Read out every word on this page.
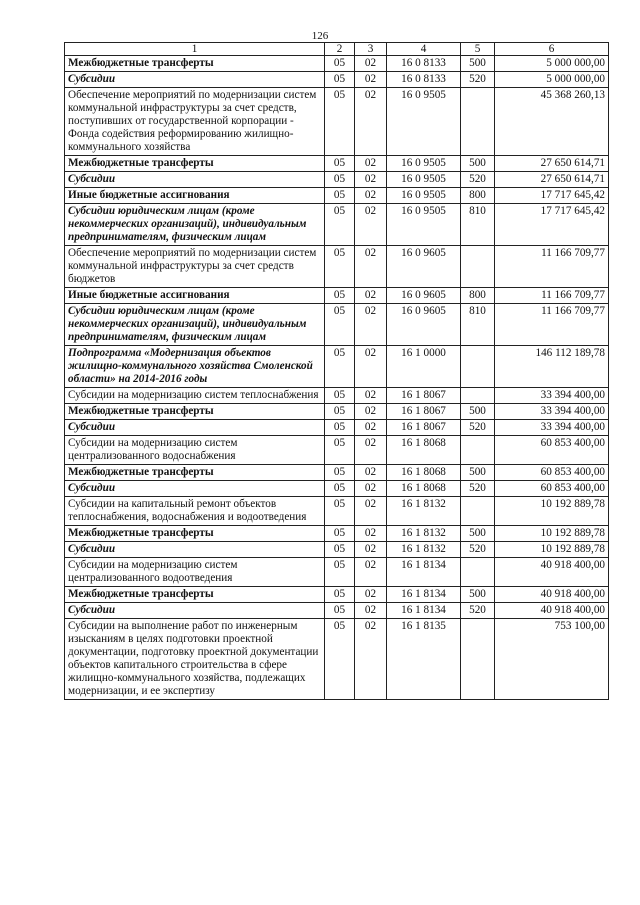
126
1	2	3	4	5	6
Межбюджетные трансферты	05	02	16 0 8133	500	5 000 000,00
Субсидии	05	02	16 0 8133	520	5 000 000,00
Обеспечение мероприятий по модернизации систем коммунальной инфраструктуры за счет средств, поступивших от государственной корпорации - Фонда содействия реформированию жилищно-коммунального хозяйства	05	02	16 0 9505		45 368 260,13
Межбюджетные трансферты	05	02	16 0 9505	500	27 650 614,71
Субсидии	05	02	16 0 9505	520	27 650 614,71
Иные бюджетные ассигнования	05	02	16 0 9505	800	17 717 645,42
Субсидии юридическим лицам (кроме некоммерческих организаций), индивидуальным предпринимателям, физическим лицам	05	02	16 0 9505	810	17 717 645,42
Обеспечение мероприятий по модернизации систем коммунальной инфраструктуры за счет средств бюджетов	05	02	16 0 9605		11 166 709,77
Иные бюджетные ассигнования	05	02	16 0 9605	800	11 166 709,77
Субсидии юридическим лицам (кроме некоммерческих организаций), индивидуальным предпринимателям, физическим лицам	05	02	16 0 9605	810	11 166 709,77
Подпрограмма «Модернизация объектов жилищно-коммунального хозяйства Смоленской области» на 2014-2016 годы	05	02	16 1 0000		146 112 189,78
Субсидии на модернизацию систем теплоснабжения	05	02	16 1 8067		33 394 400,00
Межбюджетные трансферты	05	02	16 1 8067	500	33 394 400,00
Субсидии	05	02	16 1 8067	520	33 394 400,00
Субсидии на модернизацию систем централизованного водоснабжения	05	02	16 1 8068		60 853 400,00
Межбюджетные трансферты	05	02	16 1 8068	500	60 853 400,00
Субсидии	05	02	16 1 8068	520	60 853 400,00
Субсидии на капитальный ремонт объектов теплоснабжения, водоснабжения и водоотведения	05	02	16 1 8132		10 192 889,78
Межбюджетные трансферты	05	02	16 1 8132	500	10 192 889,78
Субсидии	05	02	16 1 8132	520	10 192 889,78
Субсидии на модернизацию систем централизованного водоотведения	05	02	16 1 8134		40 918 400,00
Межбюджетные трансферты	05	02	16 1 8134	500	40 918 400,00
Субсидии	05	02	16 1 8134	520	40 918 400,00
Субсидии на выполнение работ по инженерным изысканиям в целях подготовки проектной документации, подготовку проектной документации объектов капитального строительства в сфере жилищно-коммунального хозяйства, подлежащих модернизации, и ее экспертизу	05	02	16 1 8135		753 100,00
